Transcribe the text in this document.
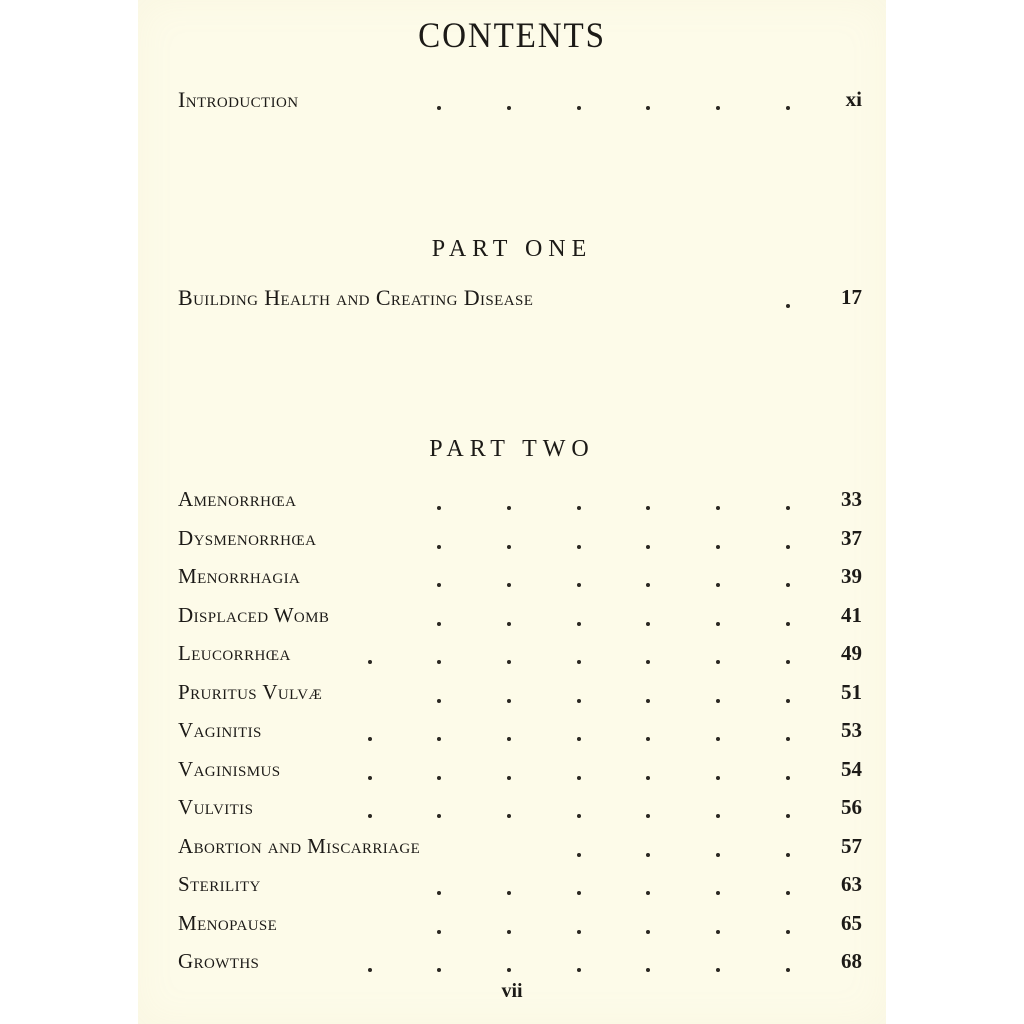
CONTENTS
Introduction	xi
Building Health and Creating Disease	17
Amenorrhœa	33
Dysmenorrhœa	37
Menorrhagia	39
Displaced Womb	41
Leucorrhœa	49
Pruritus Vulvæ	51
Vaginitis	53
Vaginismus	54
Vulvitis	56
Abortion and Miscarriage	57
Sterility	63
Menopause	65
Growths	68
PART ONE
PART TWO
vii
